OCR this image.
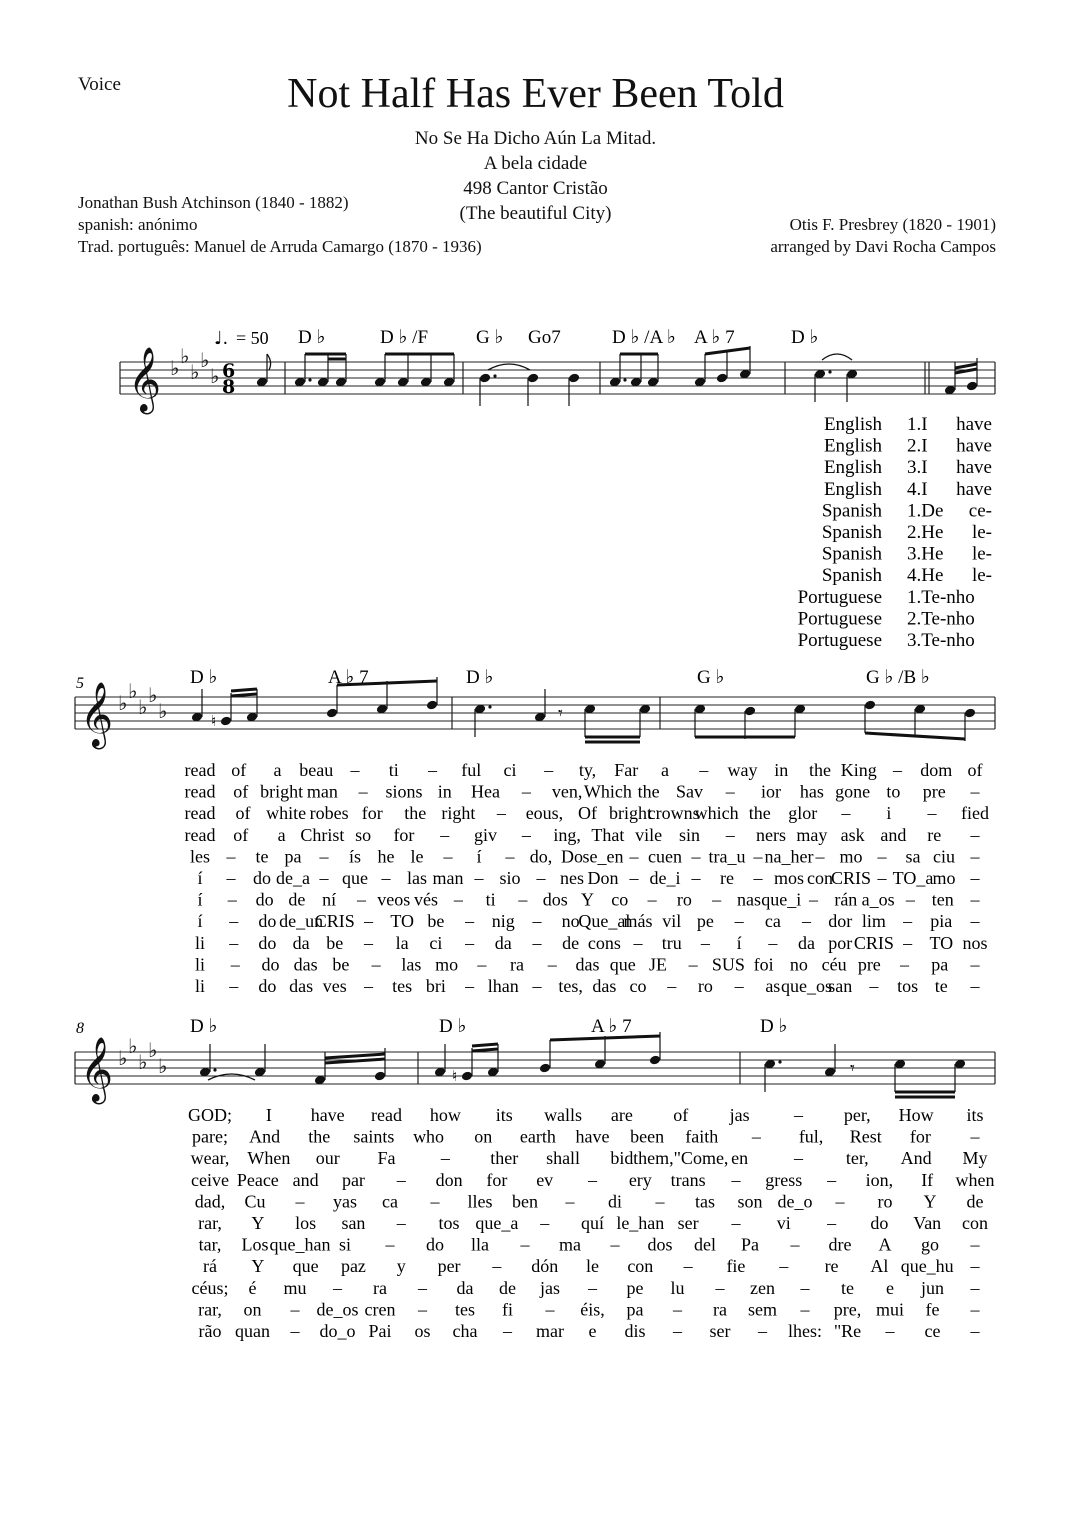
Voice	Not Half Has Ever Been Told
No Se Ha Dicho Aún La Mitad.
A bela cidade
498 Cantor Cristão
(The beautiful City)
Jonathan Bush Atchinson (1840 - 1882)
spanish: anónimo
Trad. português: Manuel de Arruda Camargo (1870 - 1936)
Otis F. Presbrey (1820 - 1901)
arranged by Davi Rocha Campos
𝄞 ♭ ♭
♭ ♭
♭
𝄞 ♭ ♭
♭ ♭
♭
𝄞 ♭ ♭
♭ ♭
♭
6
8
♩. = 50
5
8
♮	𝄾
♮	𝄾
D ♭	D ♭ /F	G ♭ Go7	D ♭ /A ♭ A ♭ 7	D ♭
D ♭	A ♭ 7	D ♭	G ♭	G ♭ /B ♭
D ♭	D ♭	A ♭ 7	D ♭
English 1.I have
English 2.I have
English 3.I have
English 4.I have
Spanish 1.De ce-
Spanish 2.He le-
Spanish 3.He le-
Spanish 4.He le-
Portuguese 1.Te-nho
Portuguese 2.Te-nho
Portuguese 3.Te-nho
read of a beau – ti – ful ci – ty, Far a – way in the King – dom of
read of bright man – sions in Hea – ven, Which the Sav – ior has gone to pre –
read of white robes for the right – eous, Of bright
crowns
which the glor – i – fied
read of a Christ so for – giv – ing, That vile sin – ners may ask and re –
les – te pa – ís he le – í – do, Do se_en – cuen – tra_u – na_her – mo – sa ciu –
í – do de_a – que – las man – sio – nes Don – de_i – re – mos con
CRIS – TO_a mo –
í – do de ní – veos vés – ti – dos Y co – ro – nas que_i – rán a_os – ten –
í – do de_un
CRIS – TO be – nig – no
Que_al
más vil pe – ca – dor lim – pia –
li – do da be – la ci – da – de cons – tru – í – da por CRIS – TO nos
li – do das be – las mo – ra – das que JE – SUS foi no céu pre – pa –
li – do das ves – tes bri – lhan – tes, das co – ro – as que_os
san – tos te –
GOD; I have read how its walls are of jas – per, How its
pare; And the saints who on earth have been faith – ful, Rest for –
wear, When our Fa	– ther shall bid them,"Come, en	– ter, And My
ceive Peace and par – don for ev – ery trans – gress – ion, If when
dad, Cu – yas ca – lles ben – di – tas son de_o – ro Y de
rar, Y los san – tos que_a – quí le_han ser – vi – do Van con
tar, Los que_han si – do lla – ma – dos del Pa – dre A go –
rá Y que paz y per – dón le con – fie – re Al que_hu –
céus; é mu – ra – da de jas – pe lu – zen – te e jun –
rar, on – de_os cren – tes fi – éis, pa – ra sem – pre, mui fe –
rão quan – do_o Pai os cha – mar e dis – ser – lhes: "Re – ce –
